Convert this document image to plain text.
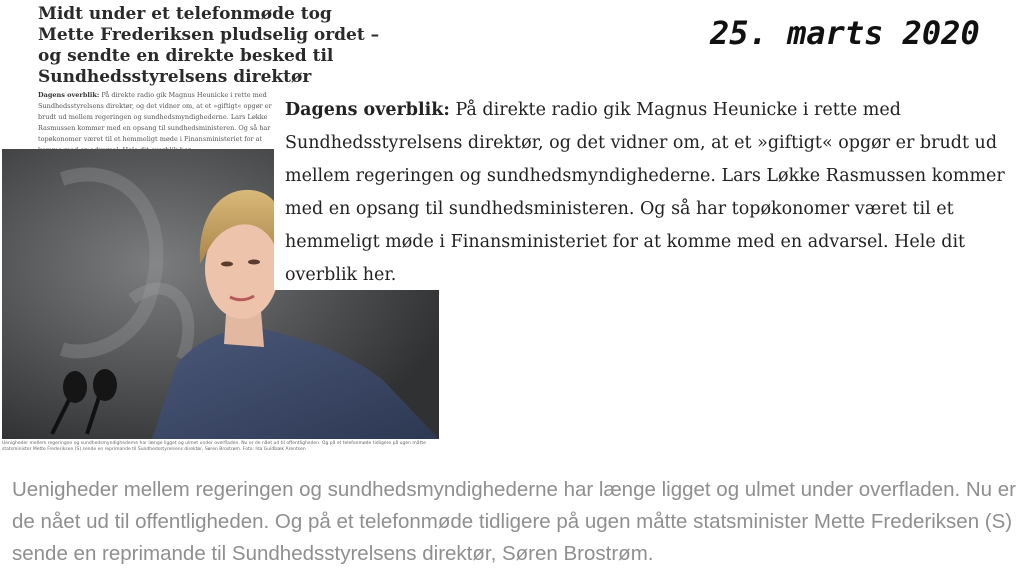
Midt under et telefonmøde tog Mette Frederiksen pludselig ordet – og sendte en direkte besked til Sundhedsstyrelsens direktør
Dagens overblik: På direkte radio gik Magnus Heunicke i rette med Sundhedsstyrelsens direktør, og det vidner om, at et »giftigt« opgør er brudt ud mellem regeringen og sundhedsmyndighederne. Lars Løkke Rasmussen kommer med en opsang til sundhedsministeren. Og så har topøkonomer været til et hemmeligt møde i Finansministeriet for at
25. marts 2020
Uenigheder mellem regeringen og sundhedsmyndighederne har længe ligget og ulmet under overfladen. Nu er de nået ud til offentligheden. Og på et telefonmøde tidligere på ugen måtte statsminister Mette Frederiksen (S) sende en reprimande til Sundhedsstyrelsens direktør, Søren Brostrøm. Foto: Ida Guldbæk Arentsen

Dagens overblik: På direkte radio gik Magnus Heunicke i rette med Sundhedsstyrelsens direktør, og det vidner om, at et »giftigt« opgør er brudt ud mellem regeringen og sundhedsmyndighederne. Lars Løkke Rasmussen kommer med en opsang til sundhedsministeren. Og så har topøkonomer været til et hemmeligt møde i Finansministeriet for at komme med en advarsel. Hele dit overblik her.

Uenigheder mellem regeringen og sundhedsmyndighederne har længe ligget og ulmet under overfladen. Nu er de nået ud til offentligheden. Og på et telefonmøde tidligere på ugen måtte statsminister Mette Frederiksen (S) sende en reprimande til Sundhedsstyrelsens direktør, Søren Brostrøm.
